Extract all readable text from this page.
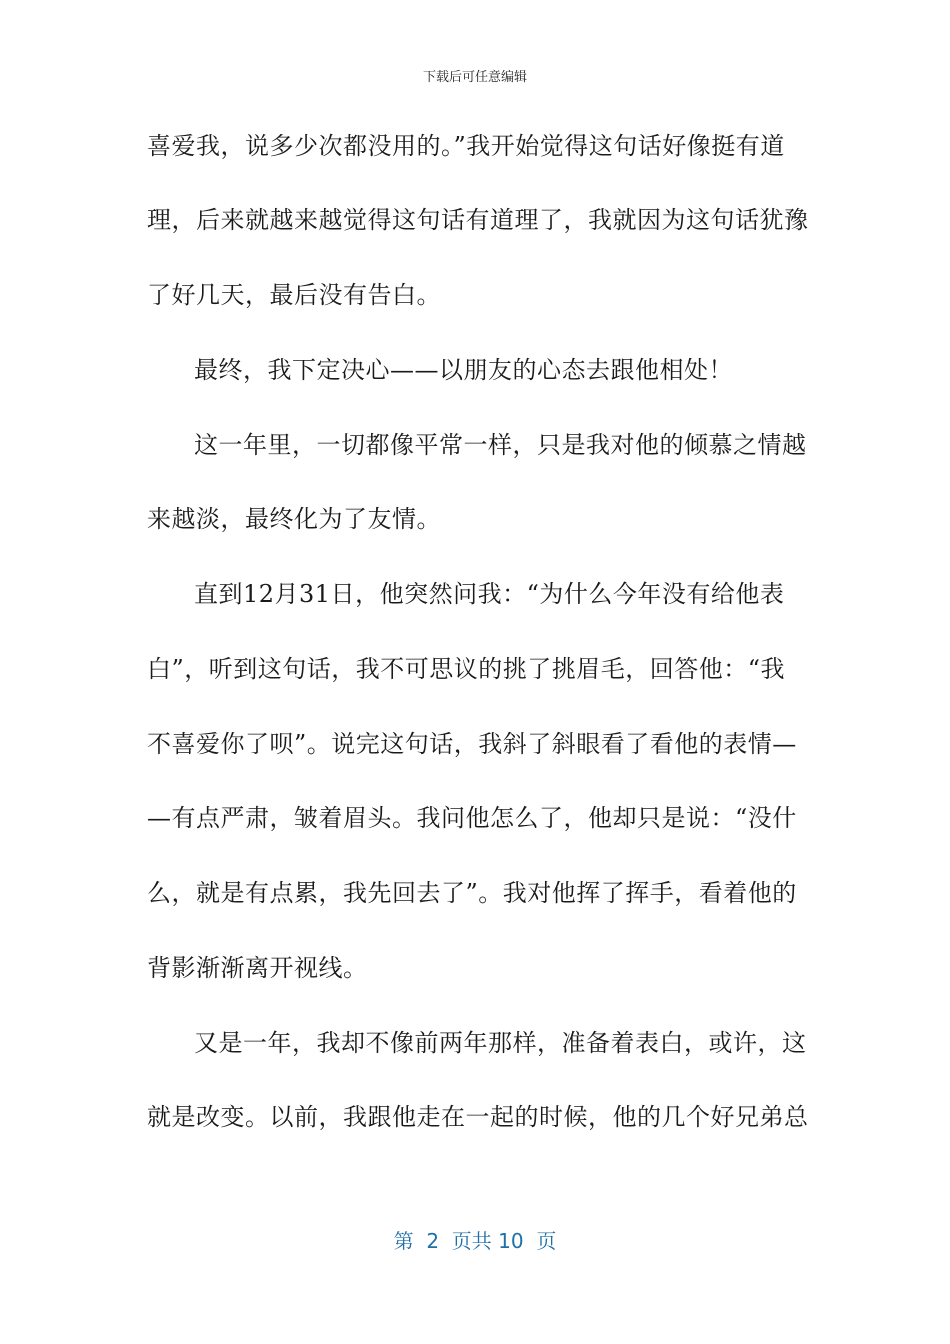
下载后可任意编辑
喜爱我，说多少次都没用的。”我开始觉得这句话好像挺有道
理，后来就越来越觉得这句话有道理了，我就因为这句话犹豫
了好几天，最后没有告白。
最终，我下定决心——以朋友的心态去跟他相处！
这一年里，一切都像平常一样，只是我对他的倾慕之情越
来越淡，最终化为了友情。
直到12月31日，他突然问我：“为什么今年没有给他表
白”，听到这句话，我不可思议的挑了挑眉毛，回答他：“我
不喜爱你了呗”。说完这句话，我斜了斜眼看了看他的表情—
—有点严肃，皱着眉头。我问他怎么了，他却只是说：“没什
么，就是有点累，我先回去了”。我对他挥了挥手，看着他的
背影渐渐离开视线。
又是一年，我却不像前两年那样，准备着表白，或许，这
就是改变。以前，我跟他走在一起的时候，他的几个好兄弟总
第  2  页共 10  页
